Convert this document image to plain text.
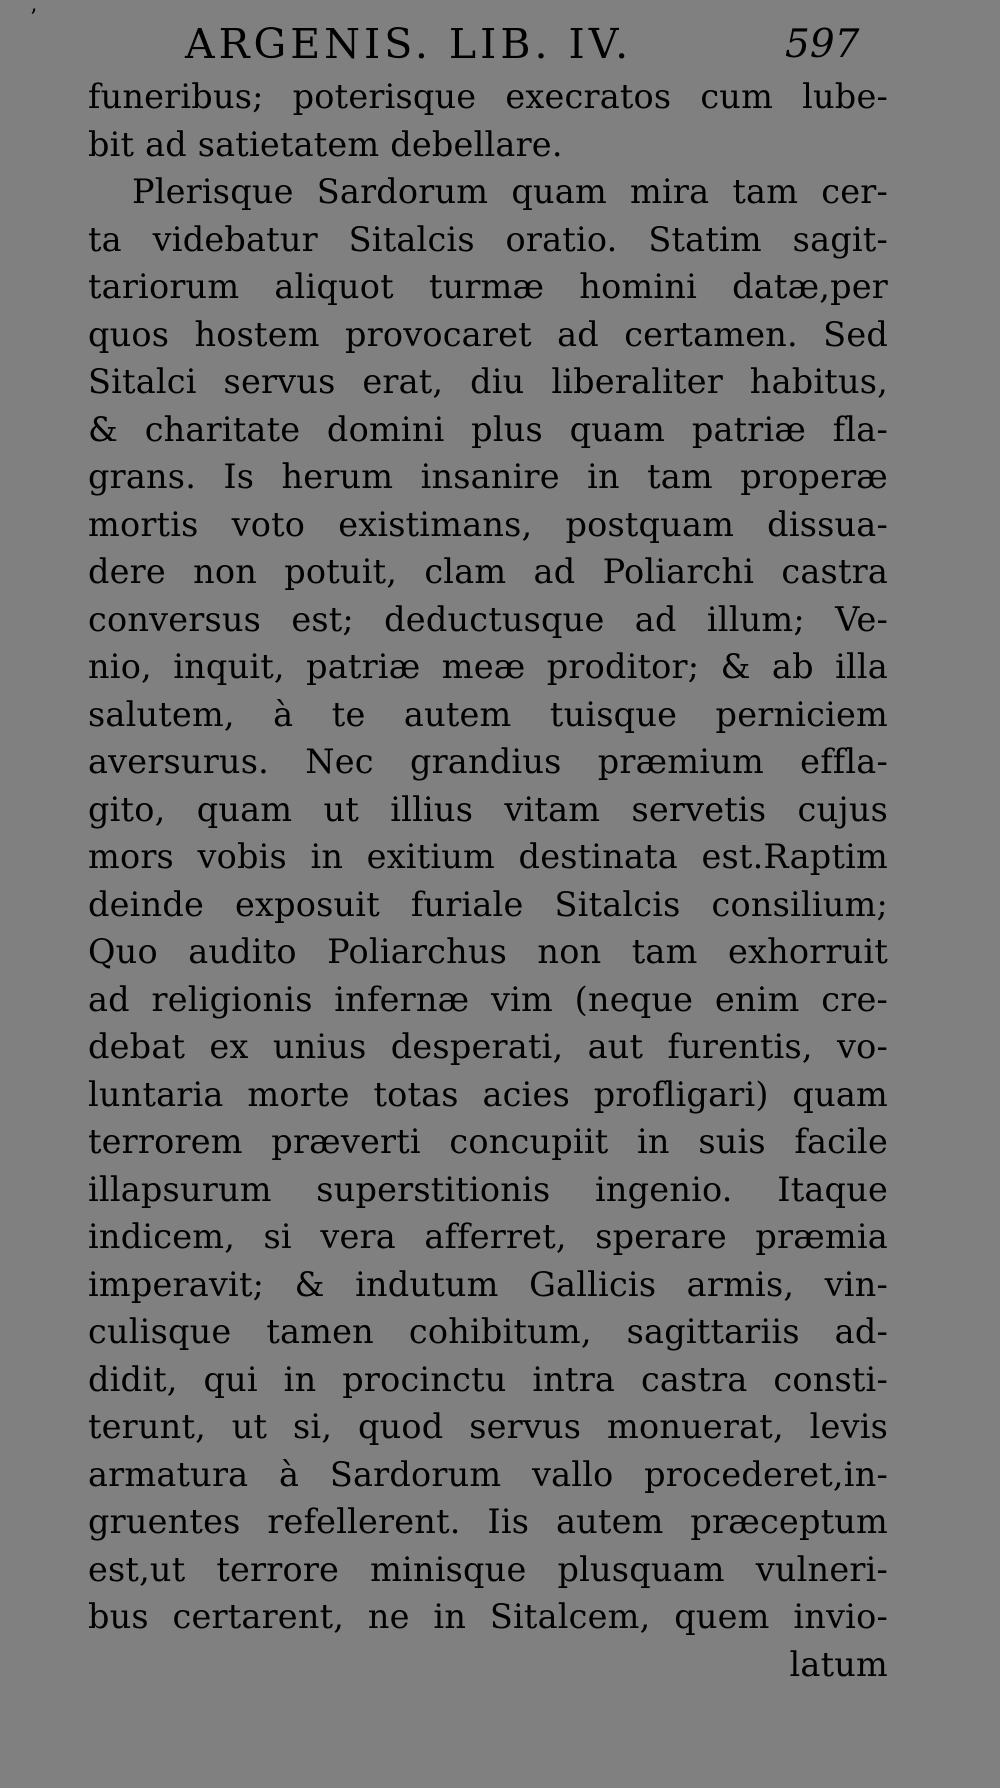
’
ARGENIS. LIB. IV.	597
funeribus; poterisque execratos cum lube-
bit ad satietatem debellare.
Plerisque Sardorum quam mira tam cer-
ta videbatur Sitalcis oratio. Statim sagit-
tariorum aliquot turmæ homini datæ,per
quos hostem provocaret ad certamen. Sed
Sitalci servus erat, diu liberaliter habitus,
& charitate domini plus quam patriæ fla-
grans. Is herum insanire in tam properæ
mortis voto existimans, postquam dissua-
dere non potuit, clam ad Poliarchi castra
conversus est; deductusque ad illum; Ve-
nio, inquit, patriæ meæ proditor; & ab illa
salutem, à te autem tuisque perniciem
aversurus. Nec grandius præmium effla-
gito, quam ut illius vitam servetis cujus
mors vobis in exitium destinata est.Raptim
deinde exposuit furiale Sitalcis consilium;
Quo audito Poliarchus non tam exhorruit
ad religionis infernæ vim (neque enim cre-
debat ex unius desperati, aut furentis, vo-
luntaria morte totas acies profligari) quam
terrorem præverti concupiit in suis facile
illapsurum superstitionis ingenio. Itaque
indicem, si vera afferret, sperare præmia
imperavit; & indutum Gallicis armis, vin-
culisque tamen cohibitum, sagittariis ad-
didit, qui in procinctu intra castra consti-
terunt, ut si, quod servus monuerat, levis
armatura à Sardorum vallo procederet,in-
gruentes refellerent. Iis autem præceptum
est,ut terrore minisque plusquam vulneri-
bus certarent, ne in Sitalcem, quem invio-
latum
